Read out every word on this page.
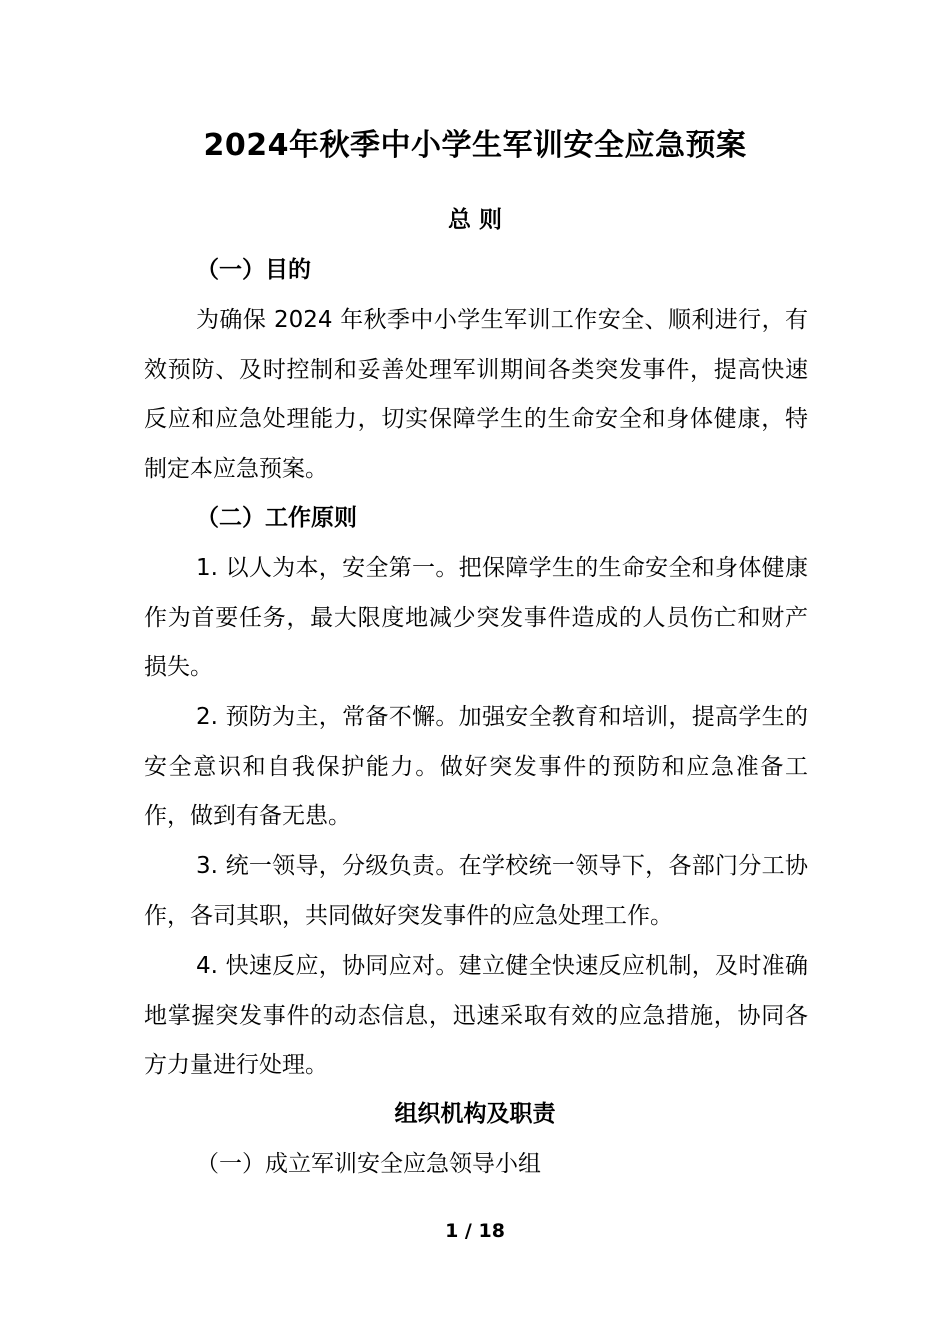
2024年秋季中小学生军训安全应急预案
总 则
（一）目的

为确保 2024 年秋季中小学生军训工作安全、顺利进行，有效预防、及时控制和妥善处理军训期间各类突发事件，提高快速反应和应急处理能力，切实保障学生的生命安全和身体健康，特制定本应急预案。

（二）工作原则

1. 以人为本，安全第一。把保障学生的生命安全和身体健康作为首要任务，最大限度地减少突发事件造成的人员伤亡和财产损失。

2. 预防为主，常备不懈。加强安全教育和培训，提高学生的安全意识和自我保护能力。做好突发事件的预防和应急准备工作，做到有备无患。

3. 统一领导，分级负责。在学校统一领导下，各部门分工协作，各司其职，共同做好突发事件的应急处理工作。

4. 快速反应，协同应对。建立健全快速反应机制，及时准确地掌握突发事件的动态信息，迅速采取有效的应急措施，协同各方力量进行处理。

组织机构及职责
（一）成立军训安全应急领导小组
1 / 18
